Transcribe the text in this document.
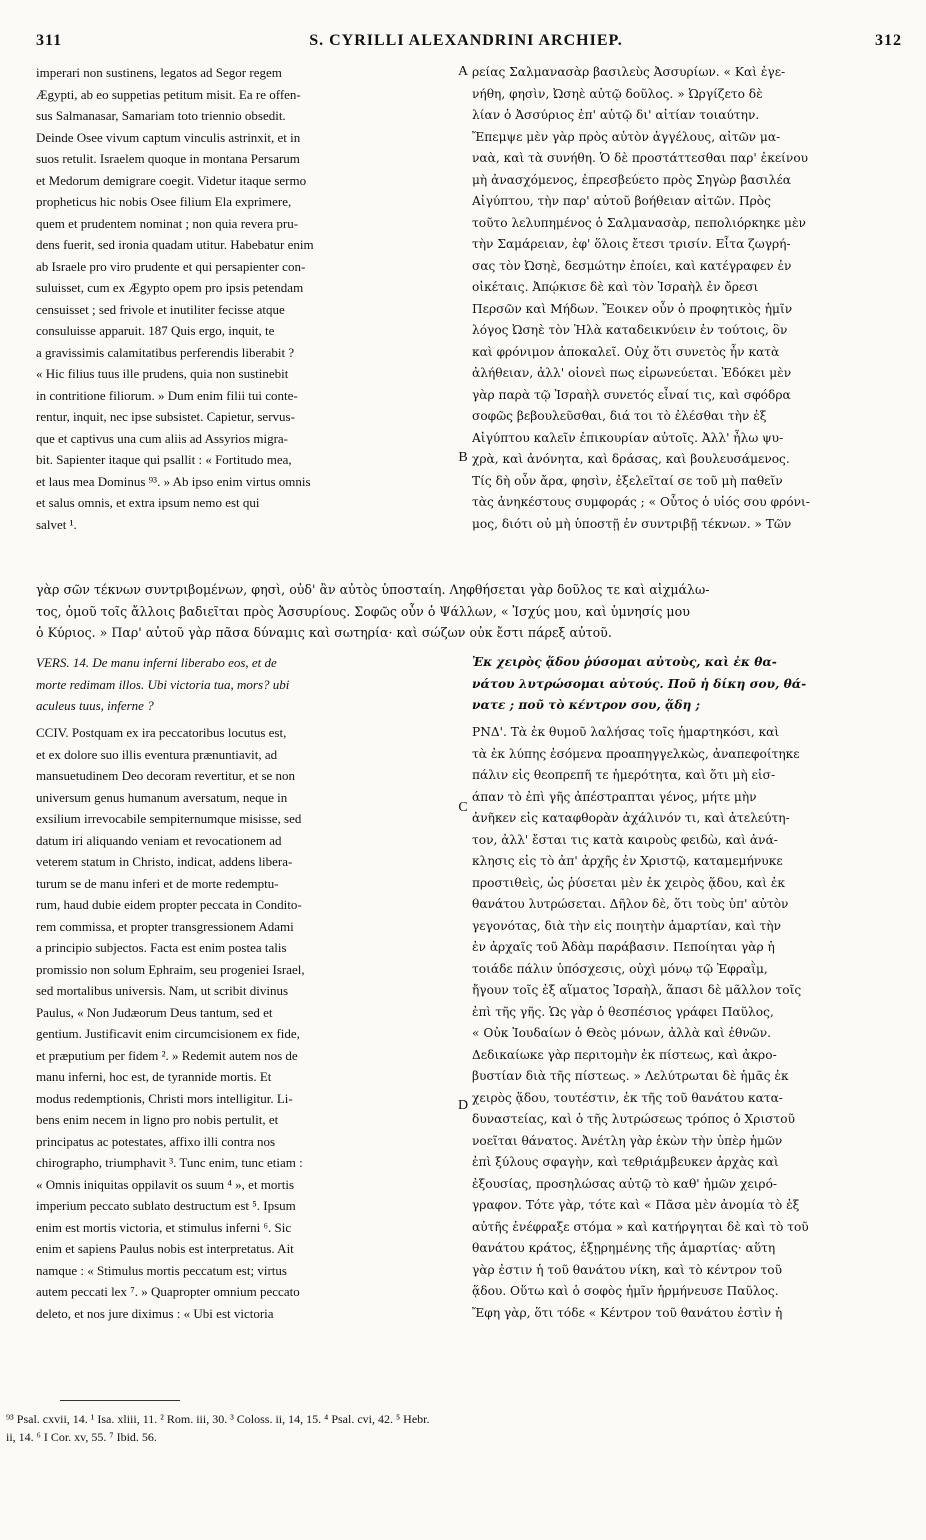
311	S. CYRILLI ALEXANDRINI ARCHIEP.	312
A
B
C
D
imperari non sustinens, legatos ad Segor regem
Ægypti, ab eo suppetias petitum misit. Ea re offen-
sus Salmanasar, Samariam toto triennio obsedit.
Deinde Osee vivum captum vinculis astrinxit, et in
suos retulit. Israelem quoque in montana Persarum
et Medorum demigrare coegit. Videtur itaque sermo
propheticus hic nobis Osee filium Ela exprimere,
quem et prudentem nominat ; non quia revera pru-
dens fuerit, sed ironia quadam utitur. Habebatur enim
ab Israele pro viro prudente et qui persapienter con-
suluisset, cum ex Ægypto opem pro ipsis petendam
censuisset ; sed frivole et inutiliter fecisse atque
consuluisse apparuit. 187 Quis ergo, inquit, te
a gravissimis calamitatibus perferendis liberabit ?
« Hic filius tuus ille prudens, quia non sustinebit
in contritione filiorum. » Dum enim filii tui conte-
rentur, inquit, nec ipse subsistet. Capietur, servus-
que et captivus una cum aliis ad Assyrios migra-
bit. Sapienter itaque qui psallit : « Fortitudo mea,
et laus mea Dominus ⁹³. » Ab ipso enim virtus omnis
et salus omnis, et extra ipsum nemo est qui
salvet ¹.
ρείας Σαλμανασὰρ βασιλεὺς Ἀσσυρίων. « Καὶ ἐγε-
νήθη, φησὶν, Ὠσηὲ αὐτῷ δοῦλος. » Ὠργίζετο δὲ
λίαν ὁ Ἀσσύριος ἐπ' αὐτῷ δι' αἰτίαν τοιαύτην.
Ἔπεμψε μὲν γὰρ πρὸς αὐτὸν ἀγγέλους, αἰτῶν μα-
ναὰ, καὶ τὰ συνήθη. Ὁ δὲ προστάττεσθαι παρ' ἐκείνου
μὴ ἀνασχόμενος, ἐπρεσβεύετο πρὸς Σηγὼρ βασιλέα
Αἰγύπτου, τὴν παρ' αὐτοῦ βοήθειαν αἰτῶν. Πρὸς
τοῦτο λελυπημένος ὁ Σαλμανασὰρ, πεπολιόρκηκε μὲν
τὴν Σαμάρειαν, ἐφ' ὅλοις ἔτεσι τρισίν. Εἶτα ζωγρή-
σας τὸν Ὠσηὲ, δεσμώτην ἐποίει, καὶ κατέγραφεν ἐν
οἰκέταις. Ἀπῴκισε δὲ καὶ τὸν Ἰσραὴλ ἐν ὄρεσι
Περσῶν καὶ Μήδων. Ἔοικεν οὖν ὁ προφητικὸς ἡμῖν
λόγος Ὠσηὲ τὸν Ἠλὰ καταδεικνύειν ἐν τούτοις, ὃν
καὶ φρόνιμον ἀποκαλεῖ. Οὐχ ὅτι συνετὸς ἦν κατὰ
ἀλήθειαν, ἀλλ' οἱονεὶ πως εἰρωνεύεται. Ἐδόκει μὲν
γὰρ παρὰ τῷ Ἰσραὴλ συνετός εἶναί τις, καὶ σφόδρα
σοφῶς βεβουλεῦσθαι, διά τοι τὸ ἐλέσθαι τὴν ἐξ
Αἰγύπτου καλεῖν ἐπικουρίαν αὐτοῖς. Ἀλλ' ἦλω ψυ-
χρὰ, καὶ ἀνόνητα, καὶ δράσας, καὶ βουλευσάμενος.
Τίς δὴ οὖν ἄρα, φησὶν, ἐξελεῖταί σε τοῦ μὴ παθεῖν
τὰς ἀνηκέστους συμφοράς ; « Οὗτος ὁ υἱός σου φρόνι-
μος, διότι οὐ μὴ ὑποστῇ ἐν συντριβῇ τέκνων. » Τῶν
γὰρ σῶν τέκνων συντριβομένων, φησὶ, οὐδ' ἂν αὐτὸς ὑποσταίη. Ληφθήσεται γὰρ δοῦλος τε καὶ αἰχμάλω-
τος, ὁμοῦ τοῖς ἄλλοις βαδιεῖται πρὸς Ἀσσυρίους. Σοφῶς οὖν ὁ Ψάλλων, « Ἰσχύς μου, καὶ ὑμνησίς μου
ὁ Κύριος. » Παρ' αὐτοῦ γὰρ πᾶσα δύναμις καὶ σωτηρία· καὶ σώζων οὐκ ἔστι πάρεξ αὐτοῦ.
VERS. 14. De manu inferni liberabo eos, et de
morte redimam illos. Ubi victoria tua, mors? ubi
aculeus tuus, inferne ?
Ἐκ χειρὸς ᾅδου ῥύσομαι αὐτοὺς, καὶ ἐκ θα-
νάτου λυτρώσομαι αὐτούς. Ποῦ ἡ δίκη σου, θά-
νατε ; ποῦ τὸ κέντρον σου, ᾅδη ;
CCIV. Postquam ex ira peccatoribus locutus est,
et ex dolore suo illis eventura prænuntiavit, ad
mansuetudinem Deo decoram revertitur, et se non
universum genus humanum aversatum, neque in
exsilium irrevocabile sempiternumque misisse, sed
datum iri aliquando veniam et revocationem ad
veterem statum in Christo, indicat, addens libera-
turum se de manu inferi et de morte redemptu-
rum, haud dubie eidem propter peccata in Condito-
rem commissa, et propter transgressionem Adami
a principio subjectos. Facta est enim postea talis
promissio non solum Ephraim, seu progeniei Israel,
sed mortalibus universis. Nam, ut scribit divinus
Paulus, « Non Judæorum Deus tantum, sed et
gentium. Justificavit enim circumcisionem ex fide,
et præputium per fidem ². » Redemit autem nos de
manu inferni, hoc est, de tyrannide mortis. Et
modus redemptionis, Christi mors intelligitur. Li-
bens enim necem in ligno pro nobis pertulit, et
principatus ac potestates, affixo illi contra nos
chirographo, triumphavit ³. Tunc enim, tunc etiam :
« Omnis iniquitas oppilavit os suum ⁴ », et mortis
imperium peccato sublato destructum est ⁵. Ipsum
enim est mortis victoria, et stimulus inferni ⁶. Sic
enim et sapiens Paulus nobis est interpretatus. Ait
namque : « Stimulus mortis peccatum est; virtus
autem peccati lex ⁷. » Quapropter omnium peccato
deleto, et nos jure diximus : « Ubi est victoria
ΡΝΔ'. Τὰ ἐκ θυμοῦ λαλήσας τοῖς ἡμαρτηκόσι, καὶ
τὰ ἐκ λύπης ἐσόμενα προαπηγγελκὼς, ἀναπεφοίτηκε
πάλιν εἰς θεοπρεπῆ τε ἡμερότητα, καὶ ὅτι μὴ εἰσ-
άπαν τὸ ἐπὶ γῆς ἀπέστραπται γένος, μήτε μὴν
ἀνῆκεν εἰς καταφθορὰν ἀχάλινόν τι, καὶ ἀτελεύτη-
τον, ἀλλ' ἔσται τις κατὰ καιροὺς φειδὼ, καὶ ἀνά-
κλησις εἰς τὸ ἀπ' ἀρχῆς ἐν Χριστῷ, καταμεμήνυκε
προστιθεὶς, ὡς ῥύσεται μὲν ἐκ χειρὸς ᾅδου, καὶ ἐκ
θανάτου λυτρώσεται. Δῆλον δὲ, ὅτι τοὺς ὑπ' αὐτὸν
γεγονότας, διὰ τὴν εἰς ποιητὴν ἁμαρτίαν, καὶ τὴν
ἐν ἀρχαῖς τοῦ Ἀδὰμ παράβασιν. Πεποίηται γὰρ ἡ
τοιάδε πάλιν ὑπόσχεσις, οὐχὶ μόνῳ τῷ Ἐφραῒμ,
ἤγουν τοῖς ἐξ αἵματος Ἰσραὴλ, ἅπασι δὲ μᾶλλον τοῖς
ἐπὶ τῆς γῆς. Ὡς γὰρ ὁ θεσπέσιος γράφει Παῦλος,
« Οὐκ Ἰουδαίων ὁ Θεὸς μόνων, ἀλλὰ καὶ ἐθνῶν.
Δεδικαίωκε γὰρ περιτομὴν ἐκ πίστεως, καὶ ἀκρο-
βυστίαν διὰ τῆς πίστεως. » Λελύτρωται δὲ ἡμᾶς ἐκ
χειρὸς ᾅδου, τουτέστιν, ἐκ τῆς τοῦ θανάτου κατα-
δυναστείας, καὶ ὁ τῆς λυτρώσεως τρόπος ὁ Χριστοῦ
νοεῖται θάνατος. Ἀνέτλη γὰρ ἑκὼν τὴν ὑπὲρ ἡμῶν
ἐπὶ ξύλους σφαγὴν, καὶ τεθριάμβευκεν ἀρχὰς καὶ
ἐξουσίας, προσηλώσας αὐτῷ τὸ καθ' ἡμῶν χειρό-
γραφον. Τότε γὰρ, τότε καὶ « Πᾶσα μὲν ἀνομία τὸ ἐξ
αὐτῆς ἐνέφραξε στόμα » καὶ κατήργηται δὲ καὶ τὸ τοῦ
θανάτου κράτος, ἐξῃρημένης τῆς ἁμαρτίας· αὕτη
γὰρ ἐστιν ἡ τοῦ θανάτου νίκη, καὶ τὸ κέντρον τοῦ
ᾅδου. Οὕτω καὶ ὁ σοφὸς ἡμῖν ἡρμήνευσε Παῦλος.
Ἔφη γὰρ, ὅτι τόδε « Κέντρον τοῦ θανάτου ἐστὶν ἡ
⁹³ Psal. cxvii, 14. ¹ Isa. xliii, 11. ² Rom. iii, 30. ³ Coloss. ii, 14, 15. ⁴ Psal. cvi, 42. ⁵ Hebr.
ii, 14. ⁶ I Cor. xv, 55. ⁷ Ibid. 56.
